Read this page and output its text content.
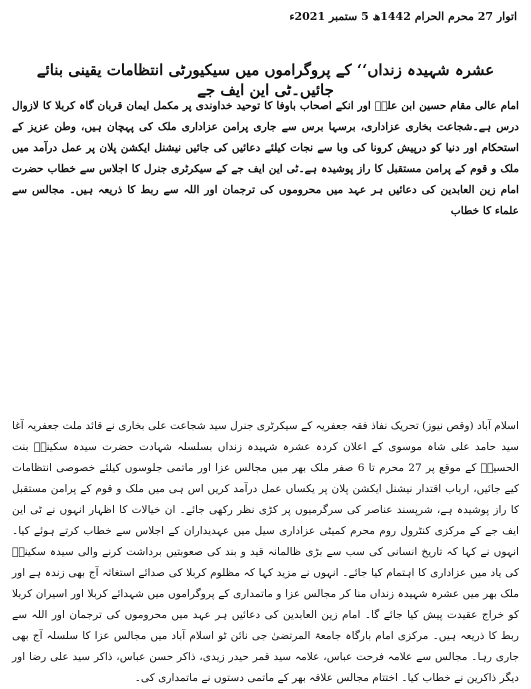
اتوار 27 محرم الحرام 1442ھ 5 ستمبر 2021ء
عشرہ شہیدہ زنداں‘‘ کے پروگراموں میں سیکیورٹی انتظامات یقینی بنائے جائیں۔ٹی این ایف جے

امام عالی مقام حسین ابن علیؑ اور انکے اصحاب باوفا کا توحید خداوندی پر مکمل ایمان قربان گاہ کربلا کا لازوال درس ہے۔شجاعت بخاری عزاداری، برسہا برس سے جاری پرامن عزاداری ملک کی پہچان ہیں، وطن عزیز کے استحکام اور دنیا کو درپیش کرونا کی وبا سے نجات کیلئے دعائیں کی جائیں نیشنل ایکشن پلان پر عمل درآمد میں ملک و قوم کے پرامن مستقبل کا راز پوشیدہ ہے۔ٹی این ایف جے کے سیکرٹری جنرل کا اجلاس سے خطاب حضرت امام زین العابدین کی دعائیں ہر عہد میں محروموں کی ترجمان اور اللہ سے ربط کا ذریعہ ہیں۔ مجالس سے علماء کا خطاب

اسلام آباد (وقص نیوز) تحریک نفاذ فقہ جعفریہ کے سیکرٹری جنرل سید شجاعت علی بخاری نے قائد ملت جعفریہ آغا سید حامد علی شاہ موسوی کے اعلان کردہ عشرہ شہیدہ زنداں بسلسلہ شہادت حضرت سیدہ سکینہؑ بنت الحسینؑ کے موقع پر 27 محرم تا 6 صفر ملک بھر میں مجالس عزا اور ماتمی جلوسوں کیلئے خصوصی انتظامات کیے جائیں، ارباب اقتدار نیشنل ایکشن پلان پر یکساں عمل درآمد کریں اس ہی میں ملک و قوم کے پرامن مستقبل کا راز پوشیدہ ہے، شرپسند عناصر کی سرگرمیوں پر کڑی نظر رکھی جائے۔ ان خیالات کا اظہار انہوں نے ٹی این ایف جے کے مرکزی کنٹرول روم محرم کمیٹی عزاداری سیل میں عہدیداران کے اجلاس سے خطاب کرتے ہوئے کیا۔ انہوں نے کہا کہ تاریخ انسانی کی سب سے بڑی ظالمانہ قید و بند کی صعوبتیں برداشت کرنے والی سیدہ سکینہؑ کی یاد میں عزاداری کا اہتمام کیا جائے۔ انہوں نے مزید کہا کہ مظلوم کربلا کی صدائے استغاثہ آج بھی زندہ ہے اور ملک بھر میں عشرہ شہیدہ زنداں منا کر مجالس عزا و ماتمداری کے پروگراموں میں شہدائے کربلا اور اسیران کربلا کو خراج عقیدت پیش کیا جائے گا۔ امام زین العابدین کی دعائیں ہر عہد میں محروموں کی ترجمان اور اللہ سے ربط کا ذریعہ ہیں۔ مرکزی امام بارگاہ جامعۃ المرتضیٰ جی نائن ٹو اسلام آباد میں مجالس عزا کا سلسلہ آج بھی جاری رہا۔ مجالس سے علامہ فرحت عباس، علامہ سید قمر حیدر زیدی، ذاکر حسن عباس، ذاکر سید علی رضا اور دیگر ذاکرین نے خطاب کیا۔ اختتام مجالس علاقہ بھر کے ماتمی دستوں نے ماتمداری کی۔
